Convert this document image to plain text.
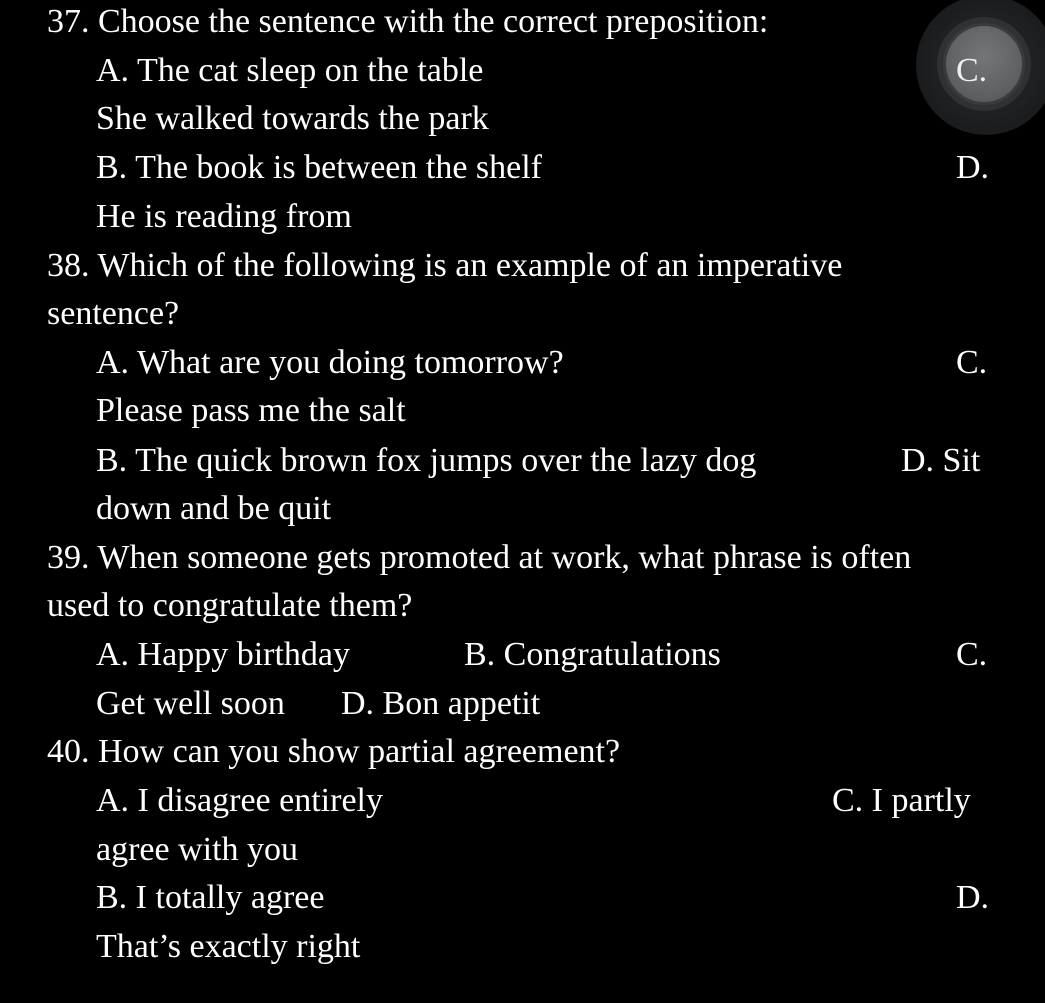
37. Choose the sentence with the correct preposition:
A. The cat sleep on the table	C.
She walked towards the park
B. The book is between the shelf	D.
He is reading from
38. Which of the following is an example of an imperative
sentence?
A. What are you doing tomorrow?	C.
Please pass me the salt
B. The quick brown fox jumps over the lazy dog	D. Sit
down and be quit
39. When someone gets promoted at work, what phrase is often
used to congratulate them?
A. Happy birthday	B. Congratulations	C.
Get well soon D. Bon appetit
40. How can you show partial agreement?
A. I disagree entirely	C. I partly
agree with you
B. I totally agree	D.
That’s exactly right
